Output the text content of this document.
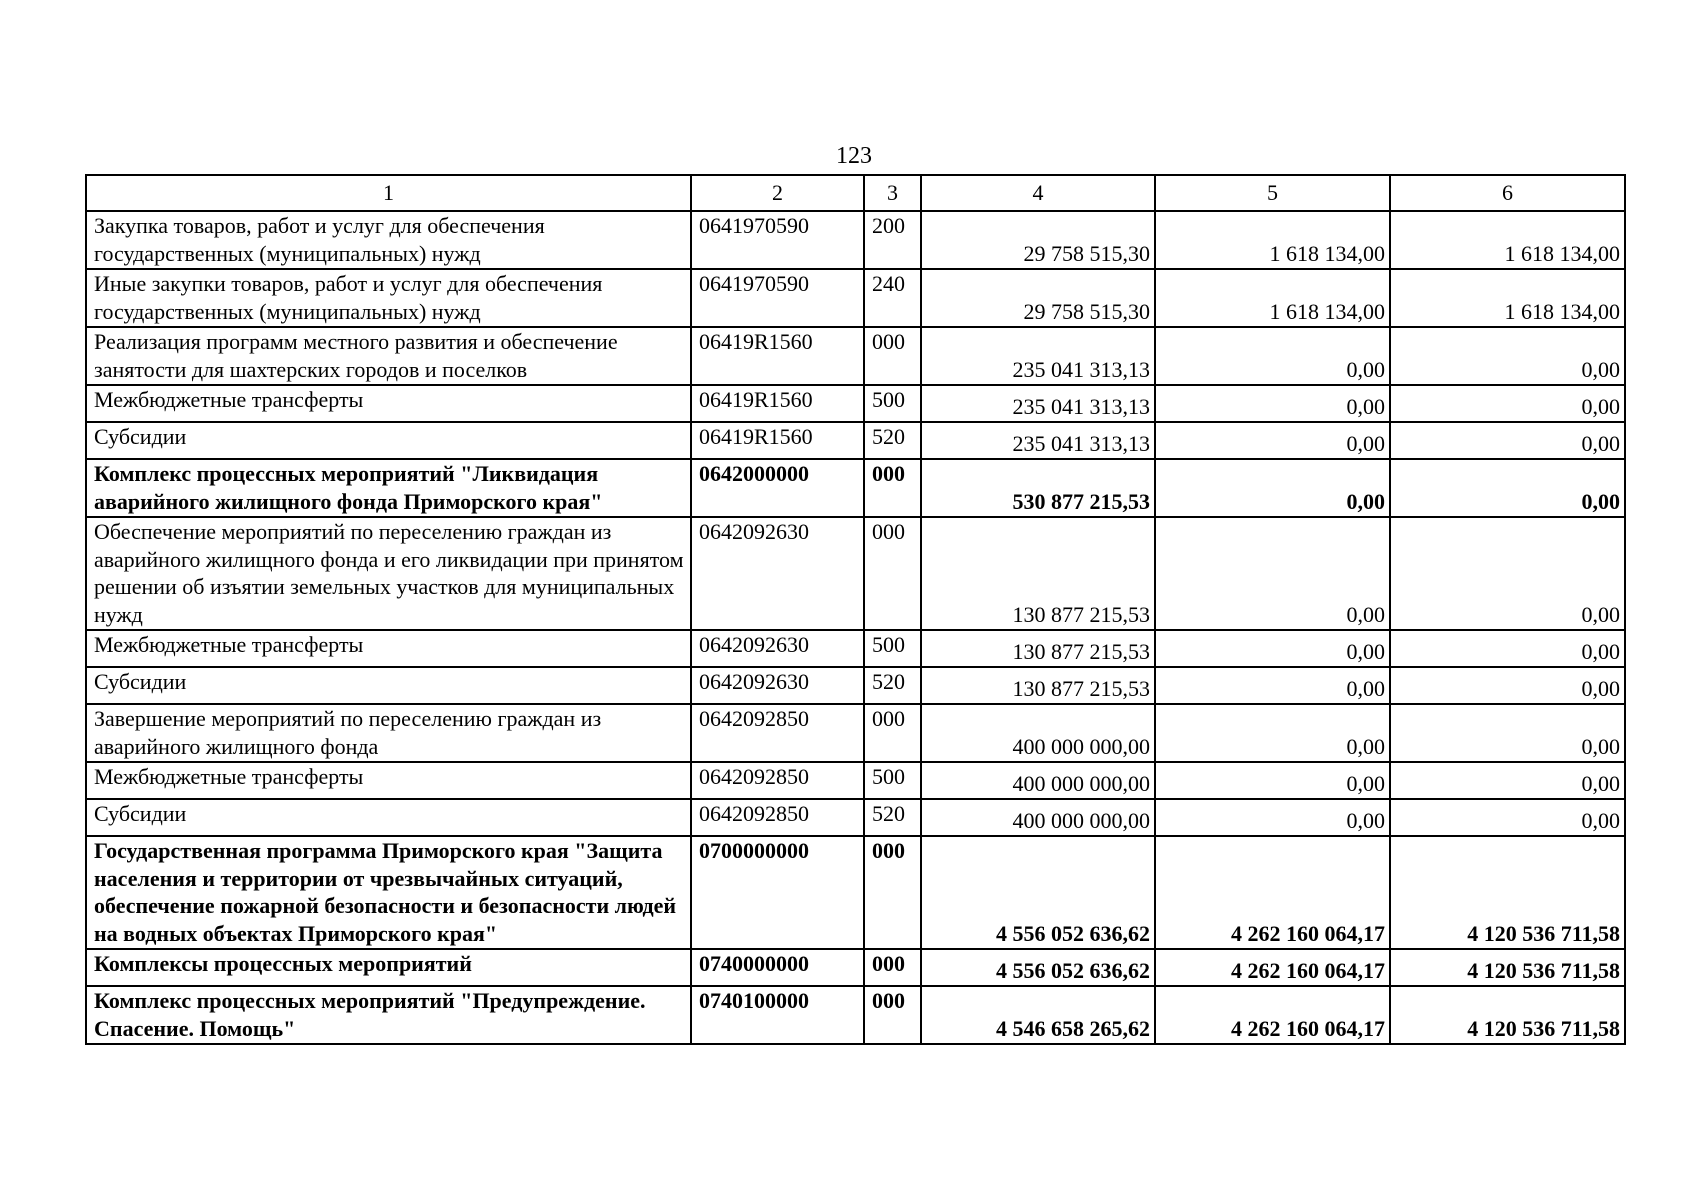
123
1	2	3	4	5	6
Закупка товаров, работ и услуг для обеспечения государственных (муниципальных) нужд	0641970590	200	29 758 515,30	1 618 134,00	1 618 134,00
Иные закупки товаров, работ и услуг для обеспечения государственных (муниципальных) нужд	0641970590	240	29 758 515,30	1 618 134,00	1 618 134,00
Реализация программ местного развития и обеспечение занятости для шахтерских городов и поселков	06419R1560	000	235 041 313,13	0,00	0,00
Межбюджетные трансферты	06419R1560	500	235 041 313,13	0,00	0,00
Субсидии	06419R1560	520	235 041 313,13	0,00	0,00
Комплекс процессных мероприятий "Ликвидация аварийного жилищного фонда Приморского края"	0642000000	000	530 877 215,53	0,00	0,00
Обеспечение мероприятий по переселению граждан из аварийного жилищного фонда и его ликвидации при принятом решении об изъятии земельных участков для муниципальных нужд	0642092630	000	130 877 215,53	0,00	0,00
Межбюджетные трансферты	0642092630	500	130 877 215,53	0,00	0,00
Субсидии	0642092630	520	130 877 215,53	0,00	0,00
Завершение мероприятий по переселению граждан из аварийного жилищного фонда	0642092850	000	400 000 000,00	0,00	0,00
Межбюджетные трансферты	0642092850	500	400 000 000,00	0,00	0,00
Субсидии	0642092850	520	400 000 000,00	0,00	0,00
Государственная программа Приморского края "Защита населения и территории от чрезвычайных ситуаций, обеспечение пожарной безопасности и безопасности людей на водных объектах Приморского края"	0700000000	000	4 556 052 636,62	4 262 160 064,17	4 120 536 711,58
Комплексы процессных мероприятий	0740000000	000	4 556 052 636,62	4 262 160 064,17	4 120 536 711,58
Комплекс процессных мероприятий "Предупреждение. Спасение. Помощь"	0740100000	000	4 546 658 265,62	4 262 160 064,17	4 120 536 711,58
